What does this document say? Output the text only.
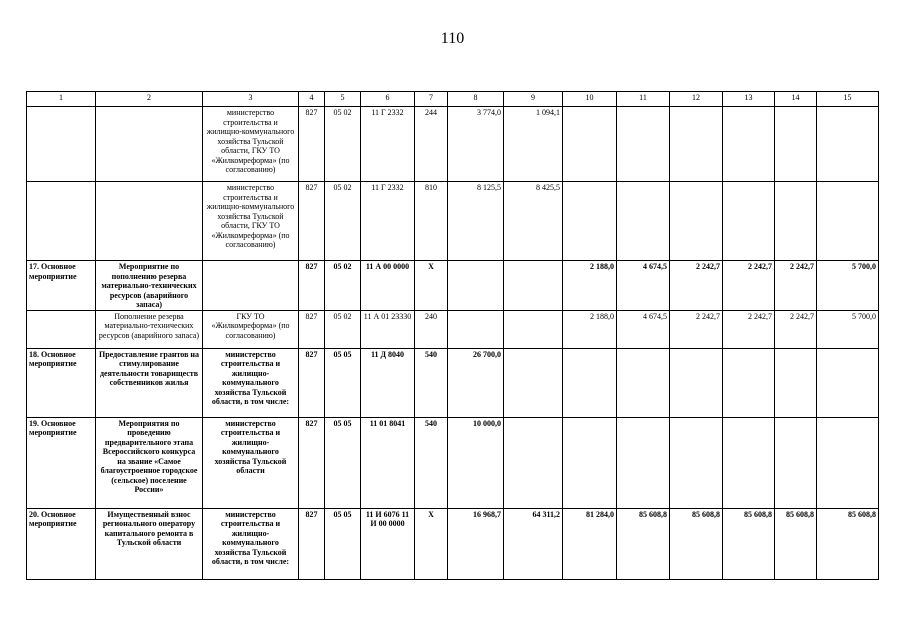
110
1	2	3	4	5	6	7	8	9	10	11	12	13	14	15
		министерство строительства и жилищно-коммунального хозяйства Тульской области, ГКУ ТО «Жилкомреформа» (по согласованию)	827	05 02	11 Г 2332	244	3 774,0	1 094,1						
		министерство строительства и жилищно-коммунального хозяйства Тульской области, ГКУ ТО «Жилкомреформа» (по согласованию)	827	05 02	11 Г 2332	810	8 125,5	8 425,5						
17. Основное мероприятие	Мероприятие по пополнению резерва материально-технических ресурсов (аварийного запаса)		827	05 02	11 А 00 0000	X			2 188,0	4 674,5	2 242,7	2 242,7	2 242,7	5 700,0
	Пополнение резерва материально-технических ресурсов (аварийного запаса)	ГКУ ТО «Жилкомреформа» (по согласованию)	827	05 02	11 А 01 23330	240			2 188,0	4 674,5	2 242,7	2 242,7	2 242,7	5 700,0
18. Основное мероприятие	Предоставление грантов на стимулирование деятельности товариществ собственников жилья	министерство строительства и жилищно-коммунального хозяйства Тульской области, в том числе:	827	05 05	11 Д 8040	540	26 700,0							
19. Основное мероприятие	Мероприятия по проведению предварительного этапа Всероссийского конкурса на звание «Самое благоустроенное городское (сельское) поселение России»	министерство строительства и жилищно-коммунального хозяйства Тульской области	827	05 05	11 01 8041	540	10 000,0							
20. Основное мероприятие	Имущественный взнос регионального оператору капитального ремонта в Тульской области	министерство строительства и жилищно-коммунального хозяйства Тульской области, в том числе:	827	05 05	11 И 6076 11 И 00 0000	X	16 968,7	64 311,2	81 284,0	85 608,8	85 608,8	85 608,8	85 608,8	85 608,8
